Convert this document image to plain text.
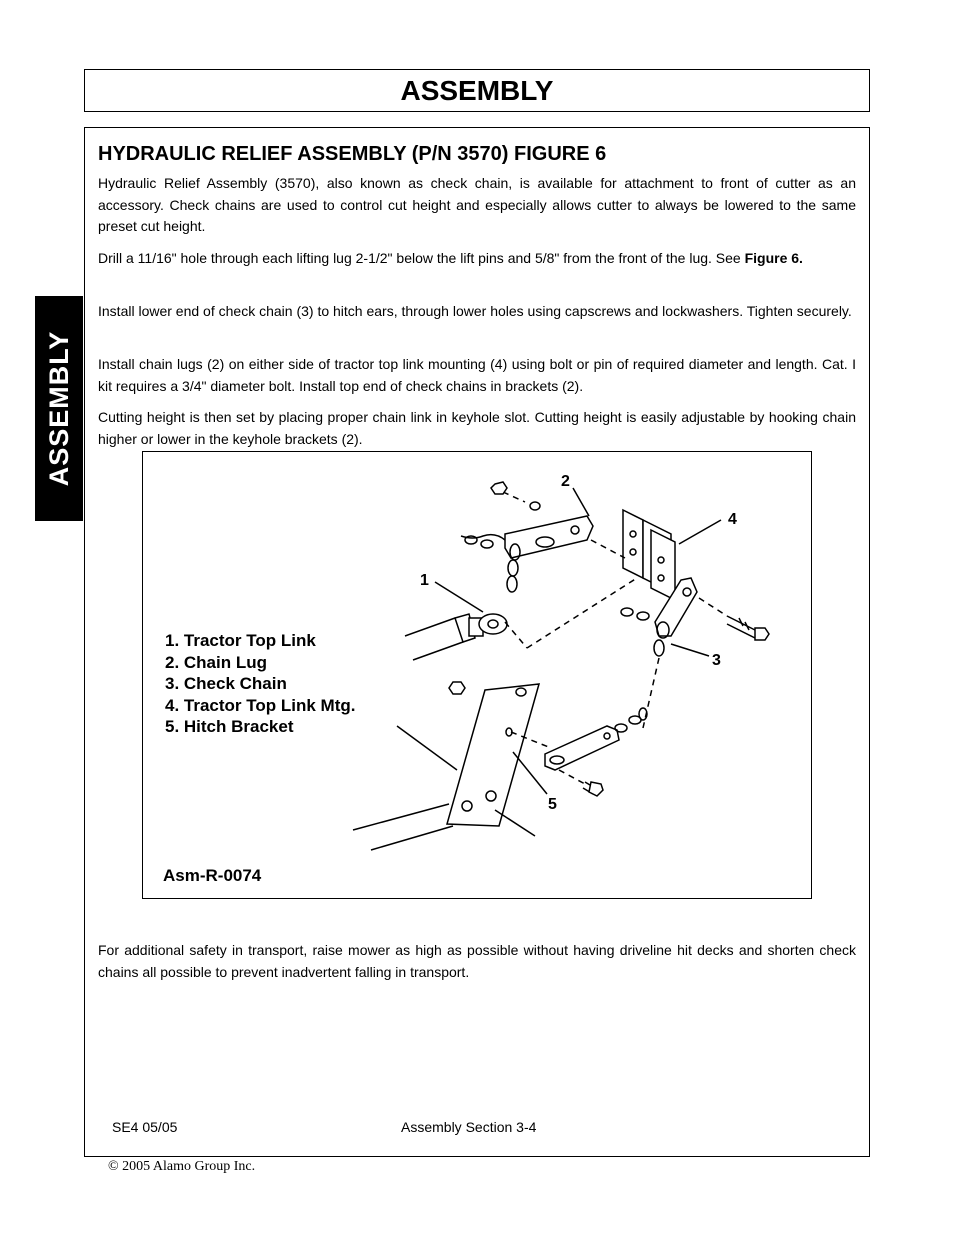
ASSEMBLY
ASSEMBLY
HYDRAULIC RELIEF ASSEMBLY (P/N 3570) FIGURE 6
Hydraulic Relief Assembly (3570), also known as check chain, is available for attachment to front of cutter as an accessory. Check chains are used to control cut height and especially allows cutter to always be lowered to the same preset cut height.
Drill a 11/16" hole through each lifting lug 2-1/2" below the lift pins and 5/8" from the front of the lug. See Figure 6.
Install lower end of check chain (3) to hitch ears, through lower holes using capscrews and lockwashers. Tighten securely.
Install chain lugs (2) on either side of tractor top link mounting (4) using bolt or pin of required diameter and length. Cat. I kit requires a 3/4" diameter bolt. Install top end of check chains in brackets (2).
Cutting height is then set by placing proper chain link in keyhole slot. Cutting height is easily adjustable by hooking chain higher or lower in the keyhole brackets (2).
2
4
1
3
5
1. Tractor Top Link
2. Chain Lug
3. Check Chain
4. Tractor Top Link Mtg.
5. Hitch Bracket
Asm-R-0074
For additional safety in transport, raise mower as high as possible without having driveline hit decks and shorten check chains all possible to prevent inadvertent falling in transport.
SE4 05/05	Assembly Section 3-4
© 2005 Alamo Group Inc.
